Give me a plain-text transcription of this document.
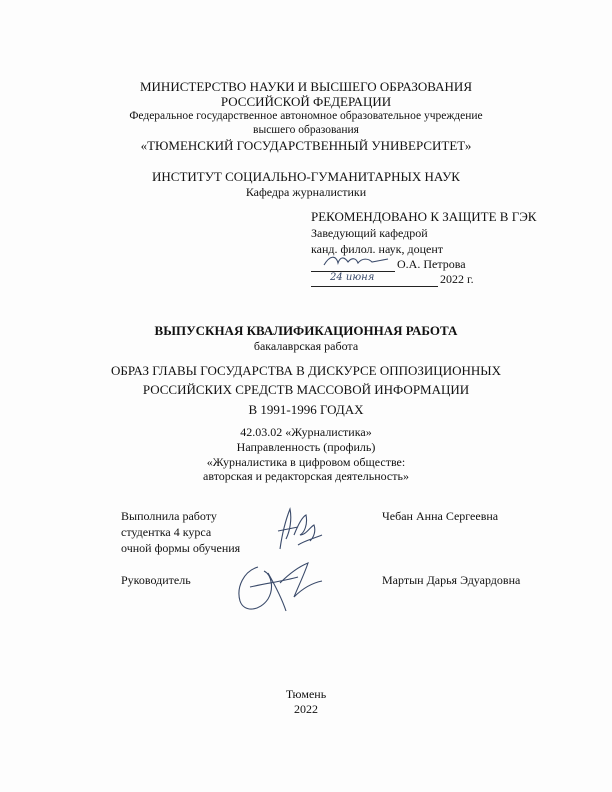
МИНИСТЕРСТВО НАУКИ И ВЫСШЕГО ОБРАЗОВАНИЯ
РОССИЙСКОЙ ФЕДЕРАЦИИ
Федеральное государственное автономное образовательное учреждение
высшего образования
«ТЮМЕНСКИЙ ГОСУДАРСТВЕННЫЙ УНИВЕРСИТЕТ»
ИНСТИТУТ СОЦИАЛЬНО-ГУМАНИТАРНЫХ НАУК
Кафедра журналистики
РЕКОМЕНДОВАНО К ЗАЩИТЕ В ГЭК
Заведующий кафедрой
канд. филол. наук, доцент
О.А. Петрова
24 июня	2022 г.
ВЫПУСКНАЯ КВАЛИФИКАЦИОННАЯ РАБОТА
бакалаврская работа
ОБРАЗ ГЛАВЫ ГОСУДАРСТВА В ДИСКУРСЕ ОППОЗИЦИОННЫХ
РОССИЙСКИХ СРЕДСТВ МАССОВОЙ ИНФОРМАЦИИ
В 1991-1996 ГОДАХ
42.03.02 «Журналистика»
Направленность (профиль)
«Журналистика в цифровом обществе:
авторская и редакторская деятельность»
Выполнила работу
студентка 4 курса
очной формы обучения
Чебан Анна Сергеевна
Руководитель	Мартын Дарья Эдуардовна
Тюмень
2022
